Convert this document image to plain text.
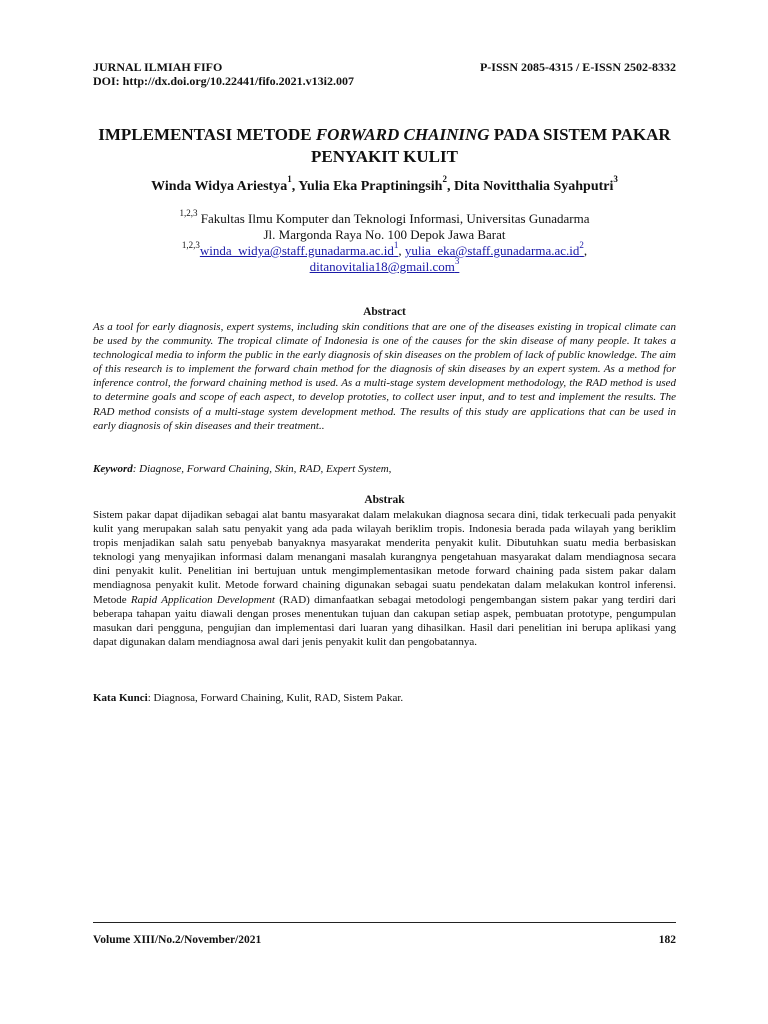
JURNAL ILMIAH FIFO	P-ISSN 2085-4315 / E-ISSN 2502-8332
DOI: http://dx.doi.org/10.22441/fifo.2021.v13i2.007
IMPLEMENTASI METODE FORWARD CHAINING PADA SISTEM PAKAR PENYAKIT KULIT
Winda Widya Ariestya$^1$, Yulia Eka Praptiningsih$^2$, Dita Novitthalia Syahputri$^3$
$^{1,2,3}$ Fakultas Ilmu Komputer dan Teknologi Informasi, Universitas Gunadarma
Jl. Margonda Raya No. 100 Depok Jawa Barat
$^{1,2,3}winda\_widya@staff.gunadarma.ac.id^1$, $yulia\_eka@staff.gunadarma.ac.id^2$,
ditanovitalia18@gmail.com$^3$
Abstract
As a tool for early diagnosis, expert systems, including skin conditions that are one of the diseases existing in tropical climate can be used by the community. The tropical climate of Indonesia is one of the causes for the skin disease of many people. It takes a technological media to inform the public in the early diagnosis of skin diseases on the problem of lack of public knowledge. The aim of this research is to implement the forward chain method for the diagnosis of skin diseases by an expert system. As a method for inference control, the forward chaining method is used. As a multi-stage system development methodology, the RAD method is used to determine goals and scope of each aspect, to develop prototies, to collect user input, and to test and implement the results. The RAD method consists of a multi-stage system development method. The results of this study are applications that can be used in early diagnosis of skin diseases and their treatment..
Keyword: Diagnose, Forward Chaining, Skin, RAD, Expert System,
Abstrak
Sistem pakar dapat dijadikan sebagai alat bantu masyarakat dalam melakukan diagnosa secara dini, tidak terkecuali pada penyakit kulit yang merupakan salah satu penyakit yang ada pada wilayah beriklim tropis. Indonesia berada pada wilayah yang beriklim tropis menjadikan salah satu penyebab banyaknya masyarakat menderita penyakit kulit. Dibutuhkan suatu media berbasiskan teknologi yang menyajikan informasi dalam menangani masalah kurangnya pengetahuan masyarakat dalam mendiagnosa secara dini penyakit kulit. Penelitian ini bertujuan untuk mengimplementasikan metode forward chaining pada sistem pakar dalam mendiagnosa penyakit kulit. Metode forward chaining digunakan sebagai suatu pendekatan dalam melakukan kontrol inferensi. Metode Rapid Application Development (RAD) dimanfaatkan sebagai metodologi pengembangan sistem pakar yang terdiri dari beberapa tahapan yaitu diawali dengan proses menentukan tujuan dan cakupan setiap aspek, pembuatan prototype, pengumpulan masukan dari pengguna, pengujian dan implementasi dari luaran yang dihasilkan. Hasil dari penelitian ini berupa aplikasi yang dapat digunakan dalam mendiagnosa awal dari jenis penyakit kulit dan pengobatannya.
Kata Kunci: Diagnosa, Forward Chaining, Kulit, RAD, Sistem Pakar.
Volume XIII/No.2/November/2021	182
